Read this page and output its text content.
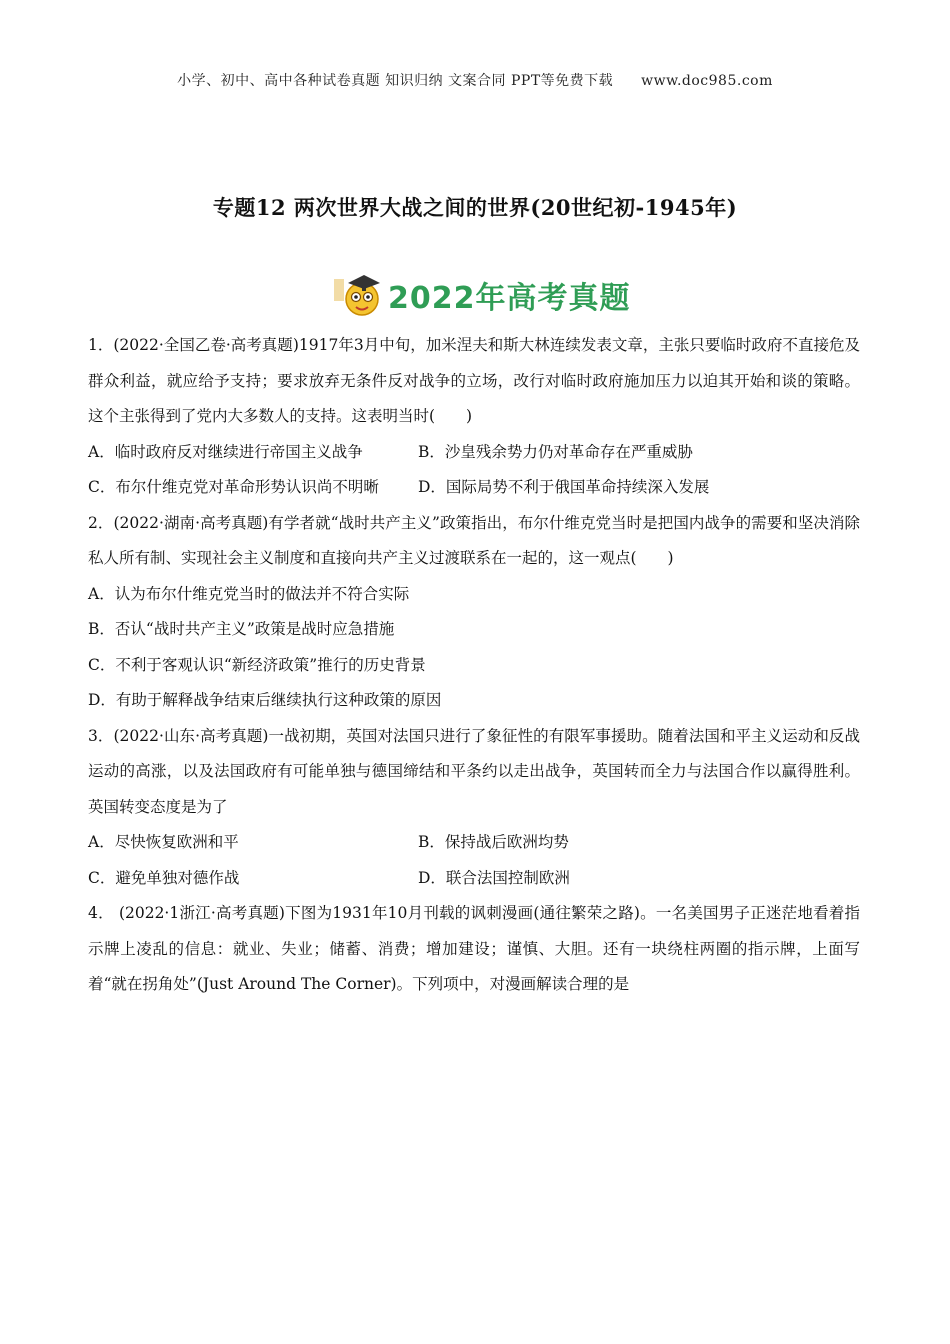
小学、初中、高中各种试卷真题 知识归纳 文案合同 PPT等免费下载 www.doc985.com
专题12 两次世界大战之间的世界(20世纪初-1945年)
2022年高考真题

1．(2022·全国乙卷·高考真题)1917年3月中旬，加米涅夫和斯大林连续发表文章，主张只要临时政府不直接危及群众利益，就应给予支持；要求放弃无条件反对战争的立场，改行对临时政府施加压力以迫其开始和谈的策略。这个主张得到了党内大多数人的支持。这表明当时(　　)

A．临时政府反对继续进行帝国主义战争	B．沙皇残余势力仍对革命存在严重威胁
C．布尔什维克党对革命形势认识尚不明晰	D．国际局势不利于俄国革命持续深入发展

2．(2022·湖南·高考真题)有学者就“战时共产主义”政策指出，布尔什维克党当时是把国内战争的需要和坚决消除私人所有制、实现社会主义制度和直接向共产主义过渡联系在一起的，这一观点(　　)

A．认为布尔什维克党当时的做法并不符合实际

B．否认“战时共产主义”政策是战时应急措施

C．不利于客观认识“新经济政策”推行的历史背景

D．有助于解释战争结束后继续执行这种政策的原因

3．(2022·山东·高考真题)一战初期，英国对法国只进行了象征性的有限军事援助。随着法国和平主义运动和反战运动的高涨，以及法国政府有可能单独与德国缔结和平条约以走出战争，英国转而全力与法国合作以赢得胜利。英国转变态度是为了

A．尽快恢复欧洲和平	B．保持战后欧洲均势
C．避免单独对德作战	D．联合法国控制欧洲

4． (2022·1浙江·高考真题)下图为1931年10月刊载的讽刺漫画(通往繁荣之路)。一名美国男子正迷茫地看着指示牌上凌乱的信息：就业、失业；储蓄、消费；增加建设；谨慎、大胆。还有一块绕柱两圈的指示牌，上面写着“就在拐角处”(Just Around The Corner)。下列项中，对漫画解读合理的是
